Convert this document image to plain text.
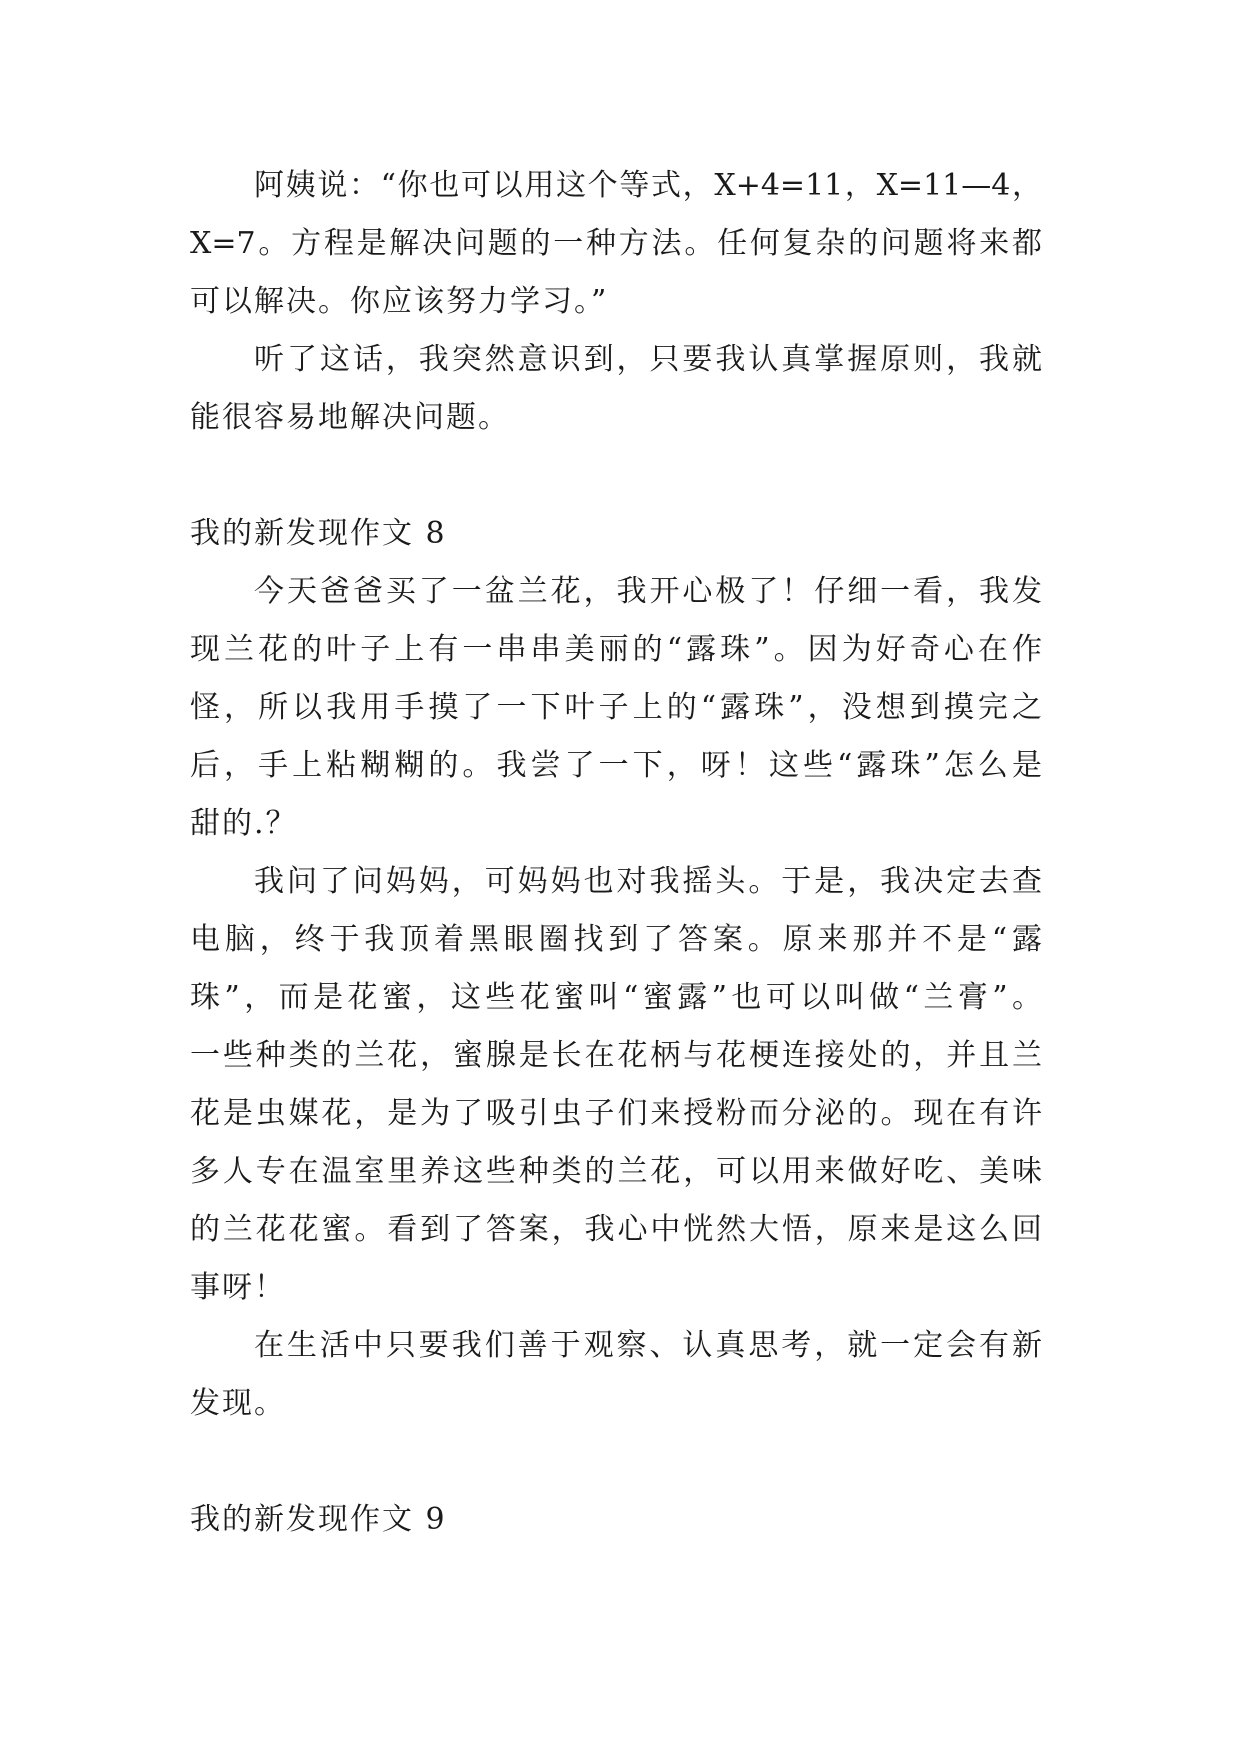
阿姨说：“你也可以用这个等式，X+4=11，X=11—4，
X=7。方程是解决问题的一种方法。任何复杂的问题将来都
可以解决。你应该努力学习。”
听了这话，我突然意识到，只要我认真掌握原则，我就
能很容易地解决问题。
我的新发现作文 8
今天爸爸买了一盆兰花，我开心极了！仔细一看，我发
现兰花的叶子上有一串串美丽的“露珠”。因为好奇心在作
怪，所以我用手摸了一下叶子上的“露珠”，没想到摸完之
后，手上粘糊糊的。我尝了一下，呀！这些“露珠”怎么是
甜的.？
我问了问妈妈，可妈妈也对我摇头。于是，我决定去查
电脑，终于我顶着黑眼圈找到了答案。原来那并不是“露
珠”，而是花蜜，这些花蜜叫“蜜露”也可以叫做“兰膏”。
一些种类的兰花，蜜腺是长在花柄与花梗连接处的，并且兰
花是虫媒花，是为了吸引虫子们来授粉而分泌的。现在有许
多人专在温室里养这些种类的兰花，可以用来做好吃、美味
的兰花花蜜。看到了答案，我心中恍然大悟，原来是这么回
事呀！
在生活中只要我们善于观察、认真思考，就一定会有新
发现。
我的新发现作文 9
